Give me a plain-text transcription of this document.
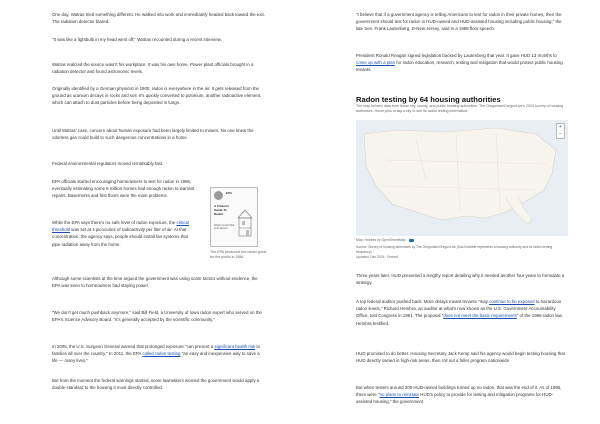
One day, Watras tried something different. He walked into work and immediately headed back toward the exit. The radiation detector blared.

"It was like a lightbulb in my head went off," Watras recounted during a recent interview.

Watras realized the source wasn't his workplace. It was his own home. Power plant officials brought in a radiation detector and found astronomic levels.

Originally identified by a German physicist in 1900, radon is everywhere in the air. It gets released from the ground as uranium decays in rocks and soil. It's quickly converted to polonium, another radioactive element, which can attach to dust particles before being deposited in lungs.

Until Watras' case, concern about human exposure had been largely limited to miners. No one knew the odorless gas could build to such dangerous concentrations in a home.

Federal environmental regulators moved remarkably fast.

EPA officials started encouraging homeowners to test for radon in 1986, eventually estimating some 6 million homes had enough radon to warrant repairs. Basements and first floors were the main problems.

While the EPA says there's no safe level of radon exposure, the critical threshold was set at 4 picocuries of radioactivity per liter of air. At that concentration, the agency says, people should install fan systems that pipe radiation away from the home.

EPA
A Citizen's Guide To Radon
What it is and what to do about it

The EPA produced this radon guide for the public in 1986.

Although some scientists at the time argued the government was using scare tactics without evidence, the EPA was keen to homeowners had staying power.

"We don't get much pushback anymore," said Bill Field, a University of Iowa radon expert who served on the EPA's Science Advisory Board. "It's generally accepted by the scientific community."

In 2005, the U.S. Surgeon General warned that prolonged exposure "can present a significant health risk to families all over the country." In 2011, the EPA called radon testing "an easy and inexpensive way to save a life — many lives."

But from the moment the federal warnings started, some lawmakers worried the government would apply a double standard to the housing it most directly controlled.

"I believe that if a government agency is telling Americans to test for radon in their private homes, then the government should test for radon in HUD-owned and HUD-assisted housing including public housing," the late Sen. Frank Lautenberg, D-New Jersey, said in a 1988 floor speech.

President Ronald Reagan signed legislation backed by Lautenberg that year. It gave HUD 13 months to come up with a plan for radon education, research, testing and mitigation that would protect public housing tenants.

Radon testing by 64 housing authorities

The map below's data from these city, county, and public housing authorities. The Oregonian/OregonLive's 2024 survey of housing authorities. Hover pins or tap a city to see its radon testing information.

+
−

Map: Hobbes by OpenStreetMap

Source: Survey of housing authorities by The Oregonian/OregonLive (Each bubble represents a housing authority and its radon testing frequency)

Updated: Dec 2024 · Embed

Three years later, HUD presented a lengthy report detailing why it needed another four years to formulate a strategy.

A top federal auditor pushed back. More delays meant tenants "may continue to be exposed to hazardous radon levels," Richard Hembra, an auditor at what's now known as the U.S. Government Accountability Office, told Congress in 1991. The proposal "does not meet the basic requirements" of the 1988 radon law, Hembra testified.

HUD promised to do better. Housing Secretary Jack Kemp said his agency would begin testing housing that HUD directly owned in high-risk areas, then roll out a fuller program nationwide.

But when testers around 200 HUD-owned buildings turned up no radon, that was the end of it. As of 1995, there were "no plans to reinstate HUD's policy to provide for testing and mitigation programs for HUD-assisted housing," the government
